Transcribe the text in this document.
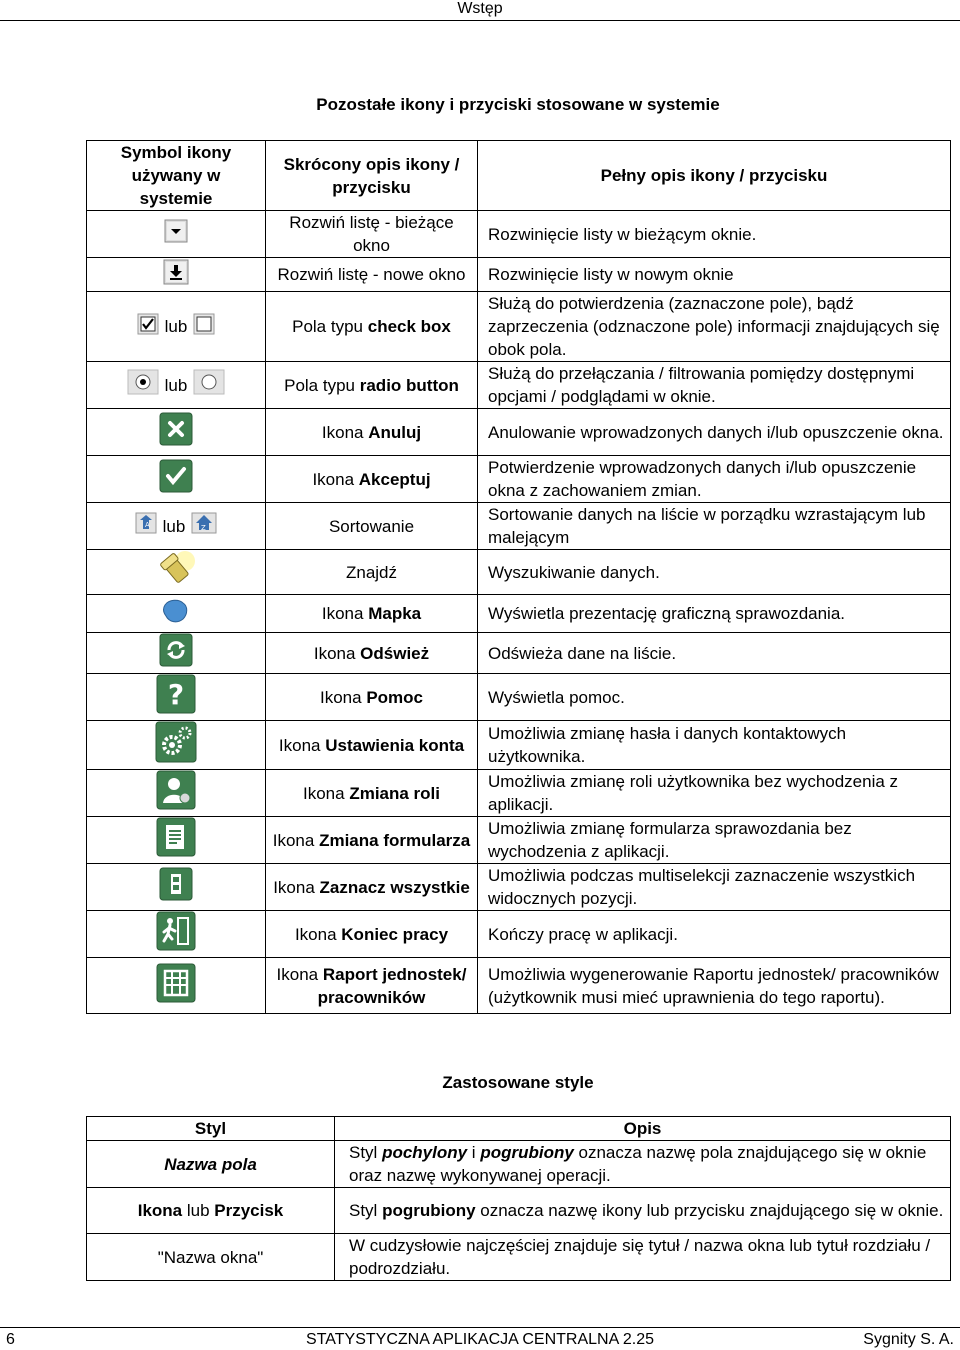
Wstęp
Pozostałe ikony i przyciski stosowane w systemie
Symbol ikony używany w systemie	Skrócony opis ikony / przycisku	Pełny opis ikony / przycisku
	Rozwiń listę - bieżące okno	Rozwinięcie listy w bieżącym oknie.
	Rozwiń listę - nowe okno	Rozwinięcie listy w nowym oknie
lub	Pola typu check box	Służą do potwierdzenia (zaznaczone pole), bądź zaprzeczenia (odznaczone pole) informacji znajdujących się obok pola.
lub	Pola typu radio button	Służą do przełączania / filtrowania pomiędzy dostępnymi opcjami / podglądami w oknie.
	Ikona Anuluj	Anulowanie wprowadzonych danych i/lub opuszczenie okna.
	Ikona Akceptuj	Potwierdzenie wprowadzonych danych i/lub opuszczenie okna z zachowaniem zmian.

A lub Z	Sortowanie	Sortowanie danych na liście w porządku wzrastającym lub malejącym
	Znajdź	Wyszukiwanie danych.
	Ikona Mapka	Wyświetla prezentację graficzną sprawozdania.
	Ikona Odśwież	Odświeża dane na liście.

?	Ikona Pomoc	Wyświetla pomoc.
	Ikona Ustawienia konta	Umożliwia zmianę hasła i danych kontaktowych użytkownika.
	Ikona Zmiana roli	Umożliwia zmianę roli użytkownika bez wychodzenia z aplikacji.
	Ikona Zmiana formularza	Umożliwia zmianę formularza sprawozdania bez wychodzenia z aplikacji.
	Ikona Zaznacz wszystkie	Umożliwia podczas multiselekcji zaznaczenie wszystkich widocznych pozycji.
	Ikona Koniec pracy	Kończy pracę w aplikacji.
	Ikona Raport jednostek/ pracowników	Umożliwia wygenerowanie Raportu jednostek/ pracowników (użytkownik musi mieć uprawnienia do tego raportu).
Zastosowane style
Styl	Opis
Nazwa pola	Styl pochylony i pogrubiony oznacza nazwę pola znajdującego się w oknie oraz nazwę wykonywanej operacji.
Ikona lub Przycisk	Styl pogrubiony oznacza nazwę ikony lub przycisku znajdującego się w oknie.
"Nazwa okna"	W cudzysłowie najczęściej znajduje się tytuł / nazwa okna lub tytuł rozdziału / podrozdziału.
6	STATYSTYCZNA APLIKACJA CENTRALNA 2.25	Sygnity S. A.
